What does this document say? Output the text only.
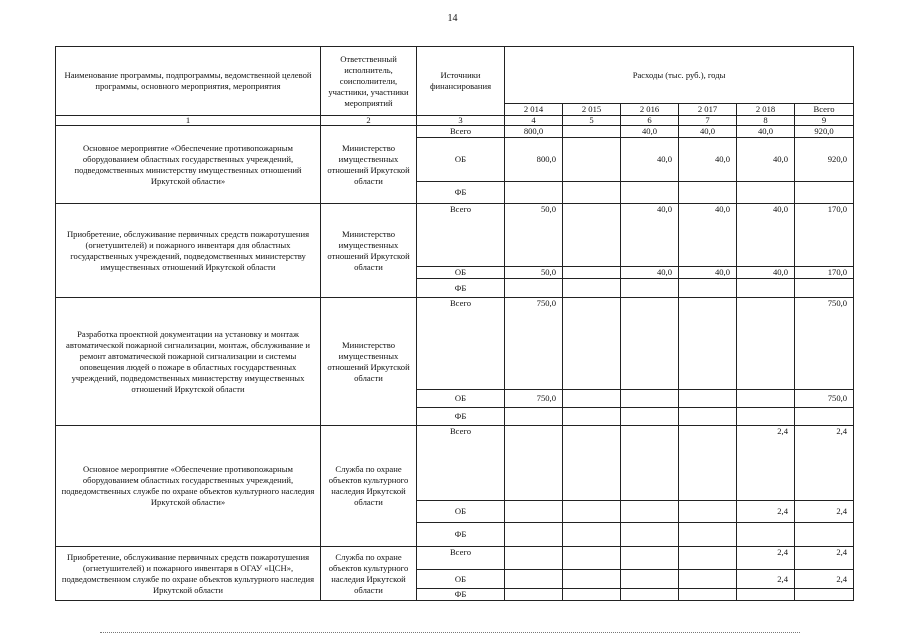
14
Наименование программы, подпрограммы, ведомственной целевой программы, основного мероприятия, мероприятия	Ответственный исполнитель, соисполнители, участники, участники мероприятий	Источники финансирования	Расходы (тыс. руб.), годы					
			2 014	2 015	2 016	2 017	2 018	Всего
1	2	3	4	5	6	7	8	9
Основное мероприятие «Обеспечение противопожарным оборудованием областных государственных учреждений, подведомственных министерству имущественных отношений Иркутской области»	Министерство имущественных отношений Иркутской области	Всего	800,0		40,0	40,0	40,0	920,0
		ОБ	800,0		40,0	40,0	40,0	920,0
		ФБ						
Приобретение, обслуживание первичных средств пожаротушения (огнетушителей) и пожарного инвентаря для областных государственных учреждений, подведомственных министерству имущественных отношений Иркутской области	Министерство имущественных отношений Иркутской области	Всего	50,0		40,0	40,0	40,0	170,0
		ОБ	50,0		40,0	40,0	40,0	170,0
		ФБ						
Разработка проектной документации на установку и монтаж автоматической пожарной сигнализации, монтаж, обслуживание и ремонт автоматической пожарной сигнализации и системы оповещения людей о пожаре в областных государственных учреждений, подведомственных министерству имущественных отношений Иркутской области	Министерство имущественных отношений Иркутской области	Всего	750,0					750,0
		ОБ	750,0					750,0
		ФБ						
Основное мероприятие «Обеспечение противопожарным оборудованием областных государственных учреждений, подведомственных службе по охране объектов культурного наследия Иркутской области»	Служба по охране объектов культурного наследия Иркутской области	Всего					2,4	2,4
		ОБ					2,4	2,4
		ФБ						
Приобретение, обслуживание первичных средств пожаротушения (огнетушителей) и пожарного инвентаря в ОГАУ «ЦСН», подведомственном службе по охране объектов культурного наследия Иркутской области	Служба по охране объектов культурного наследия Иркутской области	Всего					2,4	2,4
		ОБ					2,4	2,4
		ФБ						
